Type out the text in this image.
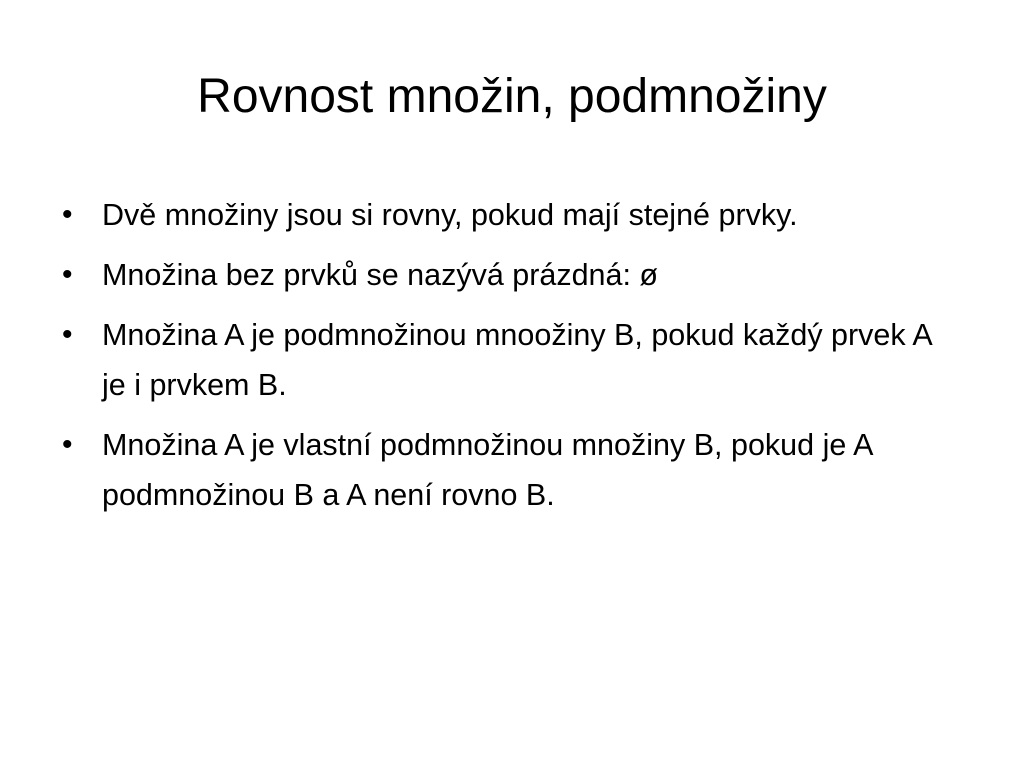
Rovnost množin, podmnožiny
• Dvě množiny jsou si rovny, pokud mají stejné prvky.
• Množina bez prvků se nazývá prázdná: ø
• Množina A je podmnožinou mnoožiny B, pokud každý prvek A je i prvkem B.
• Množina A je vlastní podmnožinou množiny B, pokud je A podmnožinou B a A není rovno B.
